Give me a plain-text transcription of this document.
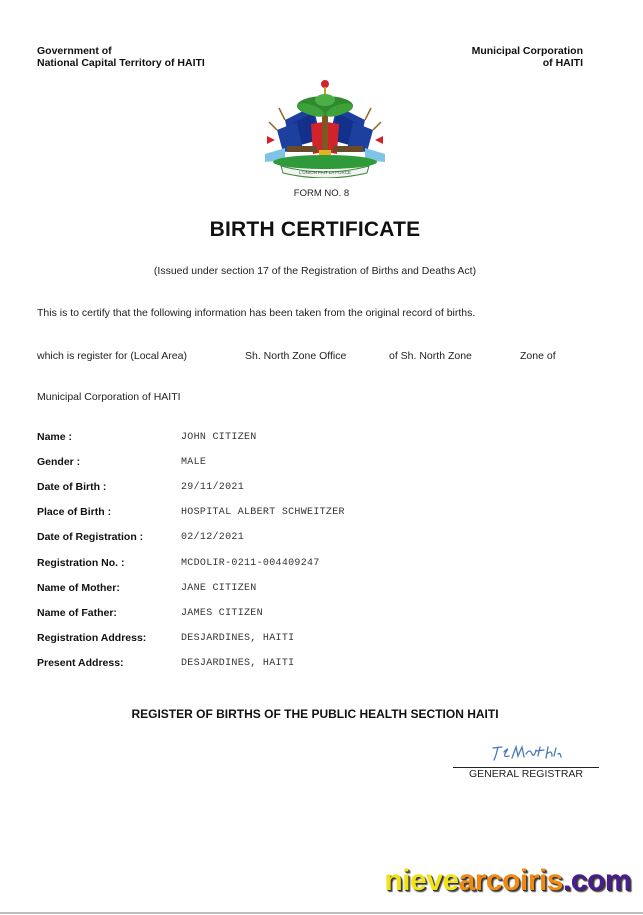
Government of
National Capital Territory of HAITI
Municipal Corporation
of HAITI
L'UNION FAIT LA FORCE
FORM NO. 8
BIRTH CERTIFICATE
(Issued under section 17 of the Registration of Births and Deaths Act)
This is to certify that the following information has been taken from the original record of births.
which is register for (Local Area)	Sh. North Zone Office	of Sh. North Zone	Zone of
Municipal Corporation of HAITI
Name :	JOHN CITIZEN
Gender :	MALE
Date of Birth :	29/11/2021
Place of Birth :	HOSPITAL ALBERT SCHWEITZER
Date of Registration :	02/12/2021
Registration No. :	MCDOLIR-0211-004409247
Name of Mother:	JANE CITIZEN
Name of Father:	JAMES CITIZEN
Registration Address:	DESJARDINES, HAITI
Present Address:	DESJARDINES, HAITI
REGISTER OF BIRTHS OF THE PUBLIC HEALTH SECTION HAITI
GENERAL REGISTRAR
nievearcoiris.com
